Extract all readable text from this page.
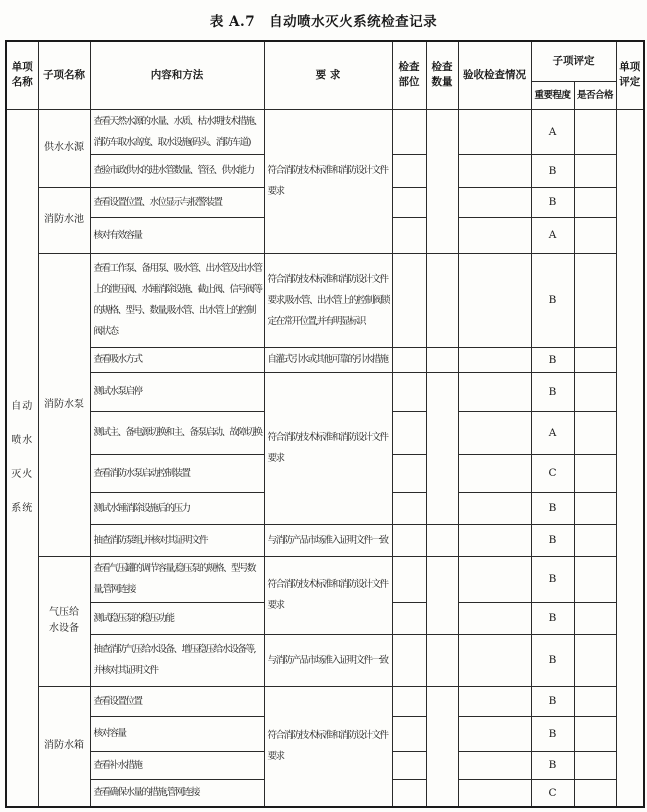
表 A.7 自动喷水灭火系统检查记录
单项名称	子项名称	内容和方法	要 求	检查部位	检查数量	验收检查情况	子项评定		单项评定
							重要程度	是否合格	
自动喷水灭火系统	供水水源	查看天然水源的水量、水质、枯水期技术措施、消防车取水高度、取水设施(码头、消防车道)	符合消防技术标准和消防设计文件要求				A		
		查验市政供水的进水管数量、管径、供水能力					B		
	消防水池	查看设置位置、水位显示与报警装置					B		
		核对有效容量					A		
	消防水泵	查看工作泵、备用泵、吸水管、出水管及出水管上的泄压阀、水锤消除设施、截止阀、信号阀等的规格、型号、数量,吸水管、出水管上的控制阀状态	符合消防技术标准和消防设计文件要求,吸水管、出水管上的控制阀锁定在常开位置,并有明显标识				B		
		查看吸水方式	自灌式引水或其他可靠的引水措施				B		
		测试水泵启停	符合消防技术标准和消防设计文件要求				B		
		测试主、备电源切换和主、备泵启动、故障切换					A		
		查看消防水泵启动控制装置					C		
		测试水锤消除设施后的压力					B		
		抽查消防泵组,并核对其证明文件	与消防产品市场准入证明文件一致				B		
	气压给水设备	查看气压罐的调节容量,稳压泵的规格、型号数量,管网连接	符合消防技术标准和消防设计文件要求				B		
		测试稳压泵的稳压功能					B		
		抽查消防气压给水设备、增压稳压给水设备等,并核对其证明文件	与消防产品市场准入证明文件一致				B		
	消防水箱	查看设置位置	符合消防技术标准和消防设计文件要求				B		
		核对容量					B		
		查看补水措施					B		
		查看确保水量的措施,管网连接					C		
